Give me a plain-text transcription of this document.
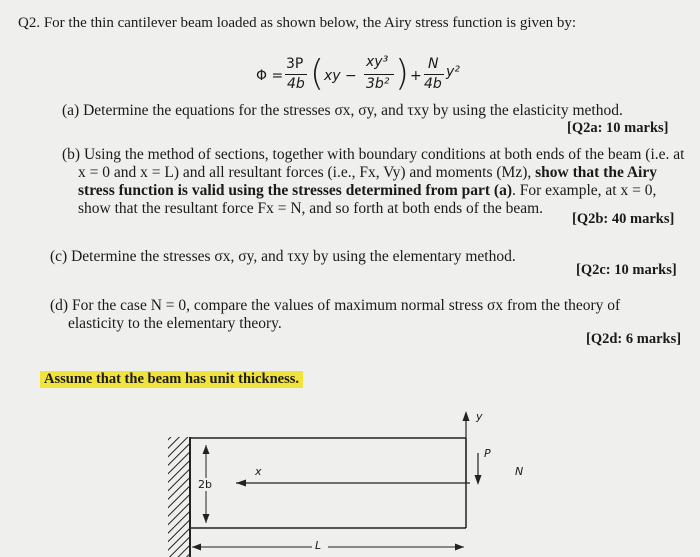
Q2. For the thin cantilever beam loaded as shown below, the Airy stress function is given by:
Φ =
3P
4b ( xy −
xy³
3b² ) +
N
4b
y²
(a) Determine the equations for the stresses σx, σy, and τxy by using the elasticity method.
[Q2a: 10 marks]
(b) Using the method of sections, together with boundary conditions at both ends of the beam (i.e. at
x = 0 and x = L) and all resultant forces (i.e., Fx, Vy) and moments (Mz), show that the Airy
stress function is valid using the stresses determined from part (a). For example, at x = 0,
show that the resultant force Fx = N, and so forth at both ends of the beam.
[Q2b: 40 marks]
(c) Determine the stresses σx, σy, and τxy by using the elementary method.
[Q2c: 10 marks]
(d) For the case N = 0, compare the values of maximum normal stress σx from the theory of
elasticity to the elementary theory.
[Q2d: 6 marks]
Assume that the beam has unit thickness.
y
x
P
N
2b
L
